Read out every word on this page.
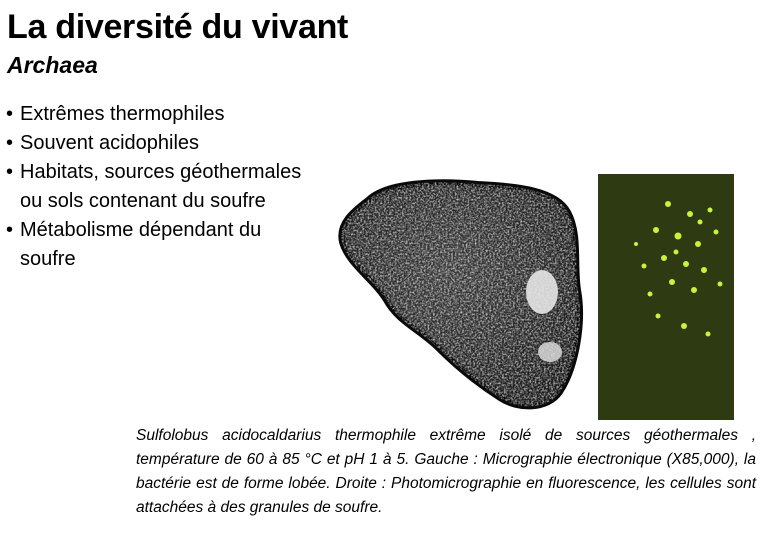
La diversité du vivant
Archaea
• Extrêmes thermophiles
• Souvent acidophiles
• Habitats, sources géothermales ou sols contenant du soufre
• Métabolisme dépendant du soufre

Sulfolobus acidocaldarius thermophile extrême isolé de sources géothermales , température de 60 à 85 °C et pH 1 à 5. Gauche : Micrographie électronique (X85,000), la bactérie est de forme lobée. Droite : Photomicrographie en fluorescence, les cellules sont attachées à des granules de soufre.
